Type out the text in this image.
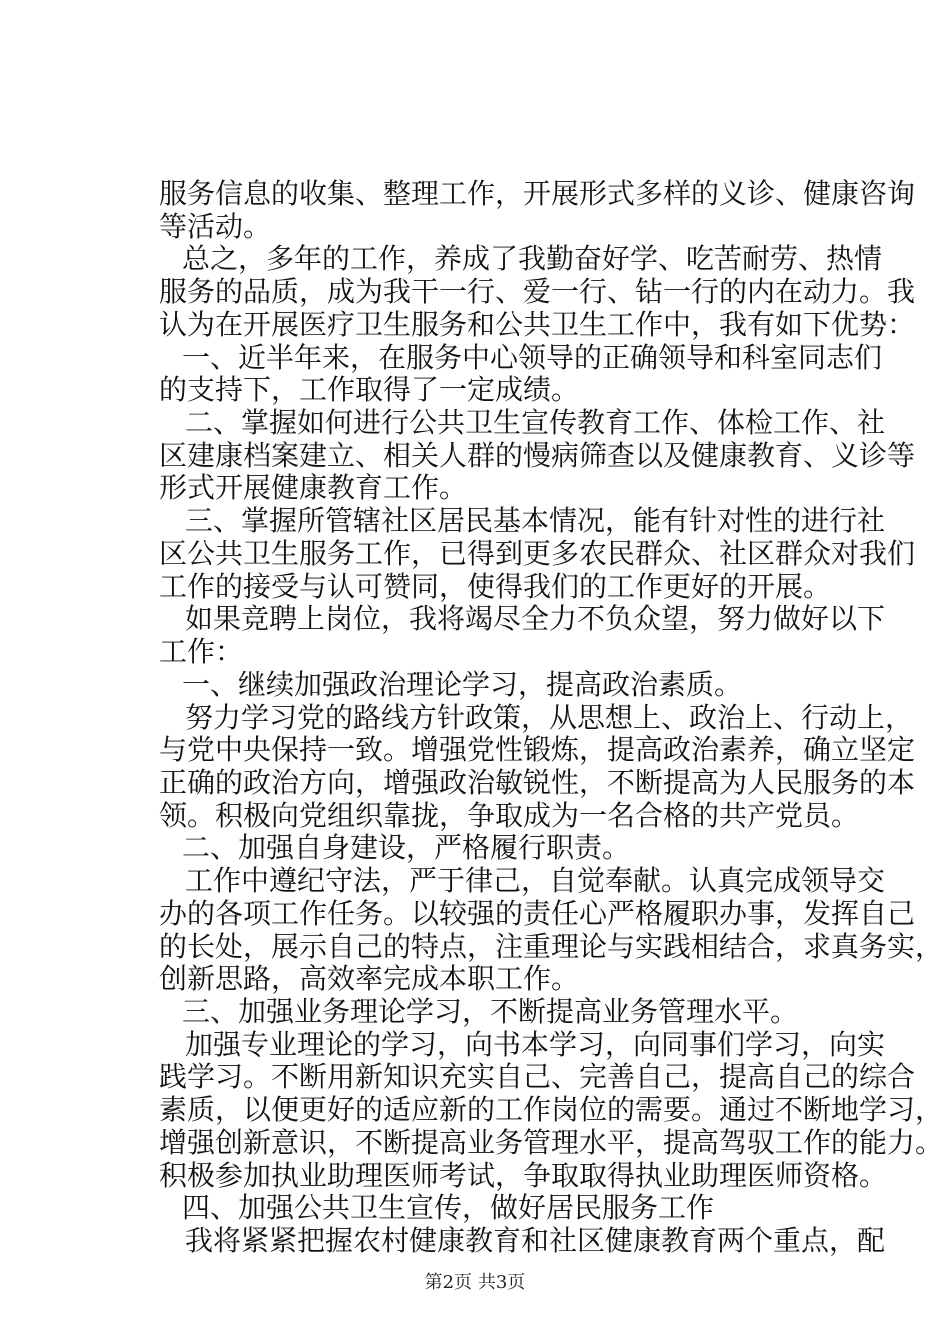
服务信息的收集、整理工作，开展形式多样的义诊、健康咨询
等活动。
总之，多年的工作，养成了我勤奋好学、吃苦耐劳、热情
服务的品质，成为我干一行、爱一行、钻一行的内在动力。我
认为在开展医疗卫生服务和公共卫生工作中，我有如下优势：
一、近半年来，在服务中心领导的正确领导和科室同志们
的支持下，工作取得了一定成绩。
二、掌握如何进行公共卫生宣传教育工作、体检工作、社
区建康档案建立、相关人群的慢病筛查以及健康教育、义诊等
形式开展健康教育工作。
三、掌握所管辖社区居民基本情况，能有针对性的进行社
区公共卫生服务工作，已得到更多农民群众、社区群众对我们
工作的接受与认可赞同，使得我们的工作更好的开展。
如果竞聘上岗位，我将竭尽全力不负众望，努力做好以下
工作：
一、继续加强政治理论学习，提高政治素质。
努力学习党的路线方针政策，从思想上、政治上、行动上，
与党中央保持一致。增强党性锻炼，提高政治素养，确立坚定
正确的政治方向，增强政治敏锐性，不断提高为人民服务的本
领。积极向党组织靠拢，争取成为一名合格的共产党员。
二、加强自身建设，严格履行职责。
工作中遵纪守法，严于律己，自觉奉献。认真完成领导交
办的各项工作任务。以较强的责任心严格履职办事，发挥自己
的长处，展示自己的特点，注重理论与实践相结合，求真务实，
创新思路，高效率完成本职工作。
三、加强业务理论学习，不断提高业务管理水平。
加强专业理论的学习，向书本学习，向同事们学习，向实
践学习。不断用新知识充实自己、完善自己，提高自己的综合
素质，以便更好的适应新的工作岗位的需要。通过不断地学习，
增强创新意识，不断提高业务管理水平，提高驾驭工作的能力。
积极参加执业助理医师考试，争取取得执业助理医师资格。
四、加强公共卫生宣传，做好居民服务工作
我将紧紧把握农村健康教育和社区健康教育两个重点，配
第2页 共3页
